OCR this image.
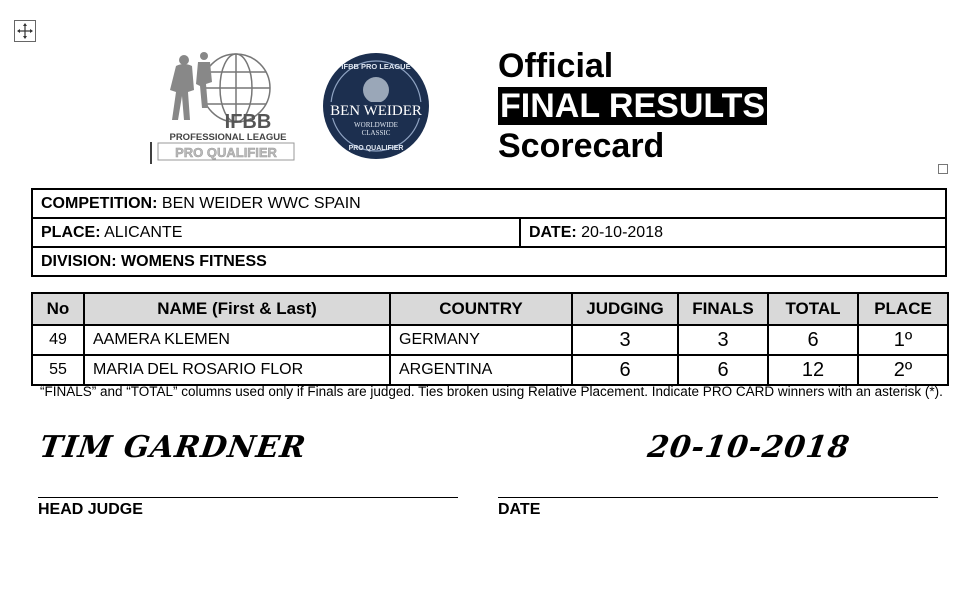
IFBB
PROFESSIONAL LEAGUE
PRO QUALIFIER
IFBB PRO LEAGUE
BEN WEIDER
WORLDWIDE
CLASSIC
PRO QUALIFIER
Official
FINAL RESULTS
Scorecard
COMPETITION: BEN WEIDER WWC SPAIN
PLACE: ALICANTE	DATE: 20-10-2018
DIVISION: WOMENS FITNESS
No	NAME (First & Last)	COUNTRY	JUDGING	FINALS	TOTAL	PLACE
49	AAMERA KLEMEN	GERMANY	3	3	6	1º
55	MARIA DEL ROSARIO FLOR	ARGENTINA	6	6	12	2º
“FINALS” and “TOTAL” columns used only if Finals are judged. Ties broken using Relative Placement. Indicate PRO CARD winners with an asterisk (*).
TIM GARDNER	20-10-2018
HEAD JUDGE	DATE
